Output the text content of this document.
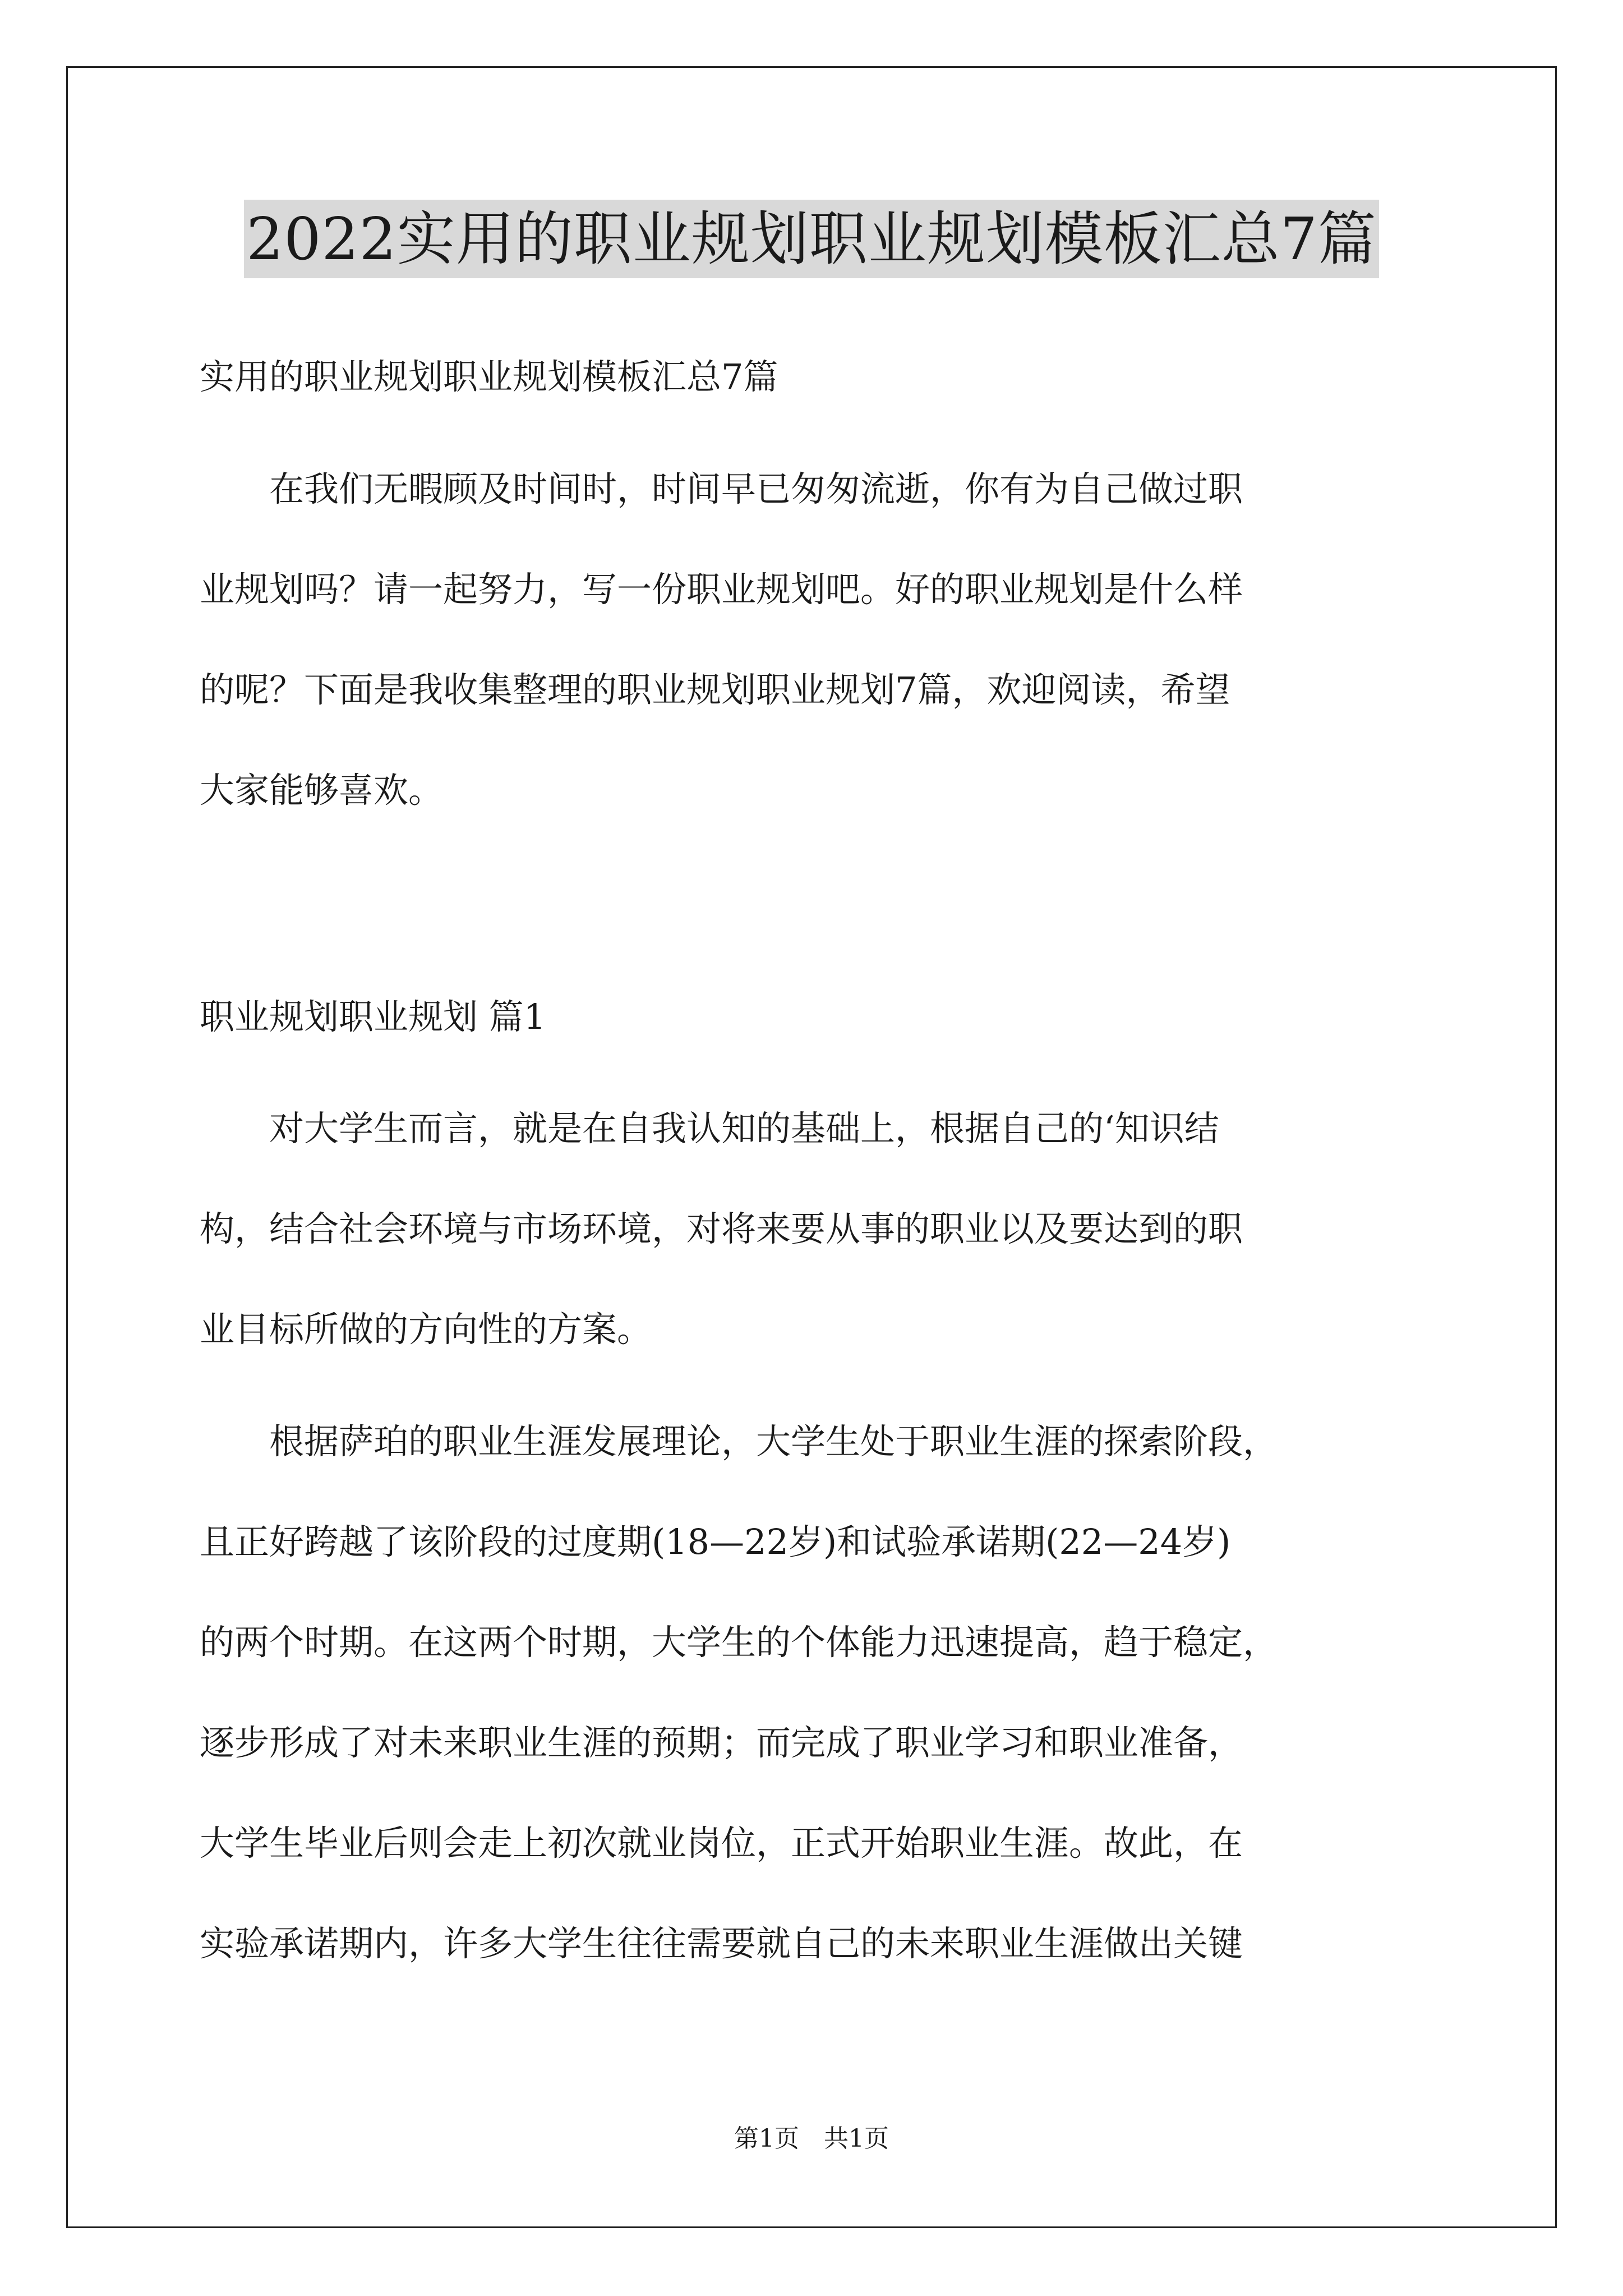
2022实用的职业规划职业规划模板汇总7篇
实用的职业规划职业规划模板汇总7篇
　　在我们无暇顾及时间时，时间早已匆匆流逝，你有为自己做过职
业规划吗？请一起努力，写一份职业规划吧。好的职业规划是什么样
的呢？下面是我收集整理的职业规划职业规划7篇，欢迎阅读，希望
大家能够喜欢。
职业规划职业规划 篇1
　　对大学生而言，就是在自我认知的基础上，根据自己的‘知识结
构，结合社会环境与市场环境，对将来要从事的职业以及要达到的职
业目标所做的方向性的方案。
　　根据萨珀的职业生涯发展理论，大学生处于职业生涯的探索阶段，
且正好跨越了该阶段的过度期(18—22岁)和试验承诺期(22—24岁)
的两个时期。在这两个时期，大学生的个体能力迅速提高，趋于稳定，
逐步形成了对未来职业生涯的预期；而完成了职业学习和职业准备，
大学生毕业后则会走上初次就业岗位，正式开始职业生涯。故此，在
实验承诺期内，许多大学生往往需要就自己的未来职业生涯做出关键
第1页　共1页
